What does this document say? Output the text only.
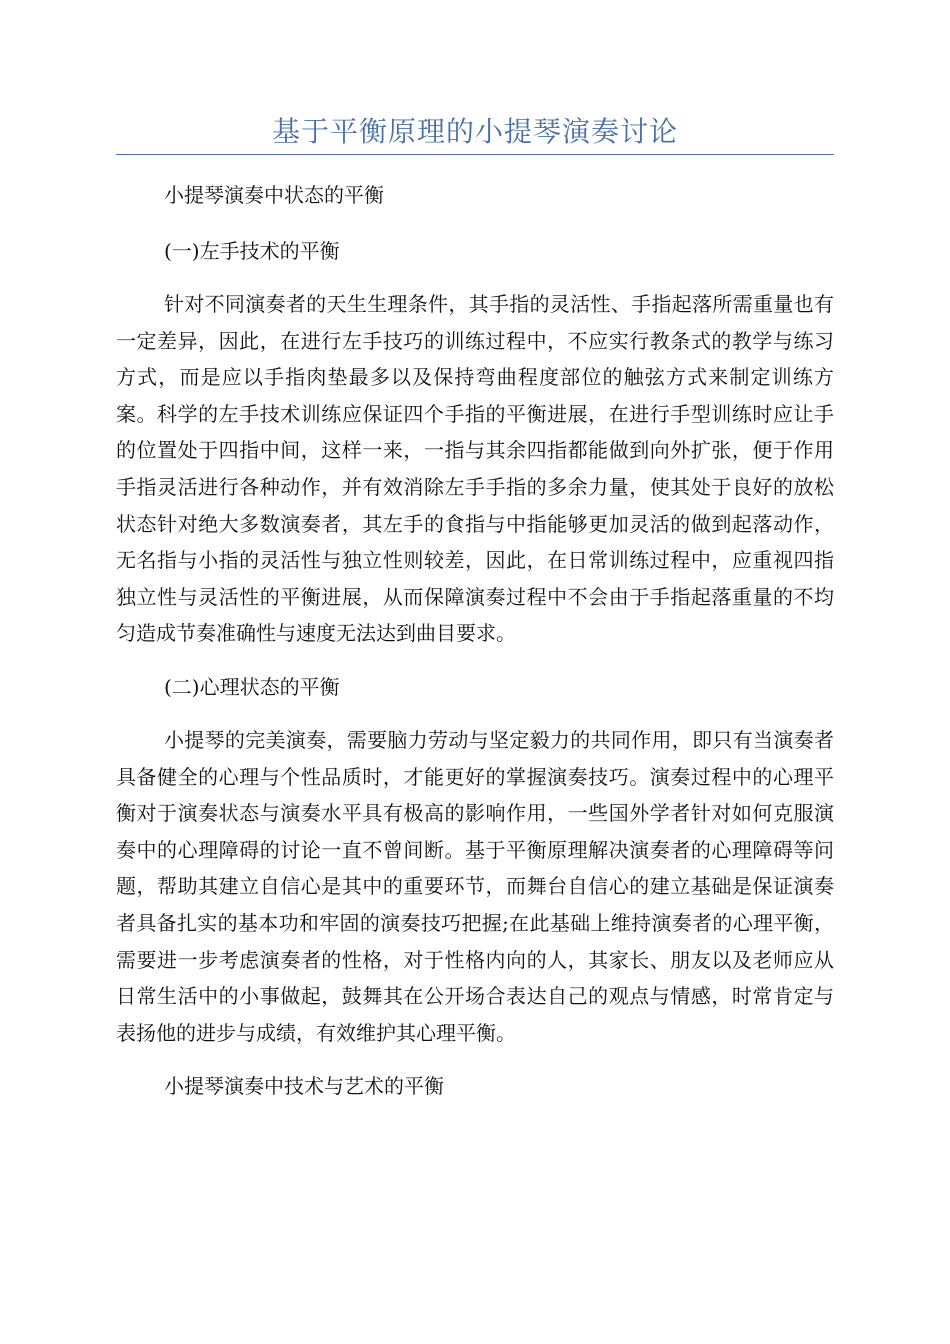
基于平衡原理的小提琴演奏讨论
小提琴演奏中状态的平衡
(一)左手技术的平衡

针对不同演奏者的天生生理条件，其手指的灵活性、手指起落所需重量也有一定差异，因此，在进行左手技巧的训练过程中，不应实行教条式的教学与练习方式，而是应以手指肉垫最多以及保持弯曲程度部位的触弦方式来制定训练方案。科学的左手技术训练应保证四个手指的平衡进展，在进行手型训练时应让手的位置处于四指中间，这样一来，一指与其余四指都能做到向外扩张，便于作用手指灵活进行各种动作，并有效消除左手手指的多余力量，使其处于良好的放松状态针对绝大多数演奏者，其左手的食指与中指能够更加灵活的做到起落动作，无名指与小指的灵活性与独立性则较差，因此，在日常训练过程中，应重视四指独立性与灵活性的平衡进展，从而保障演奏过程中不会由于手指起落重量的不均匀造成节奏准确性与速度无法达到曲目要求。

(二)心理状态的平衡

小提琴的完美演奏，需要脑力劳动与坚定毅力的共同作用，即只有当演奏者具备健全的心理与个性品质时，才能更好的掌握演奏技巧。演奏过程中的心理平衡对于演奏状态与演奏水平具有极高的影响作用，一些国外学者针对如何克服演奏中的心理障碍的讨论一直不曾间断。基于平衡原理解决演奏者的心理障碍等问题，帮助其建立自信心是其中的重要环节，而舞台自信心的建立基础是保证演奏者具备扎实的基本功和牢固的演奏技巧把握;在此基础上维持演奏者的心理平衡，需要进一步考虑演奏者的性格，对于性格内向的人，其家长、朋友以及老师应从日常生活中的小事做起，鼓舞其在公开场合表达自己的观点与情感，时常肯定与表扬他的进步与成绩，有效维护其心理平衡。

小提琴演奏中技术与艺术的平衡
